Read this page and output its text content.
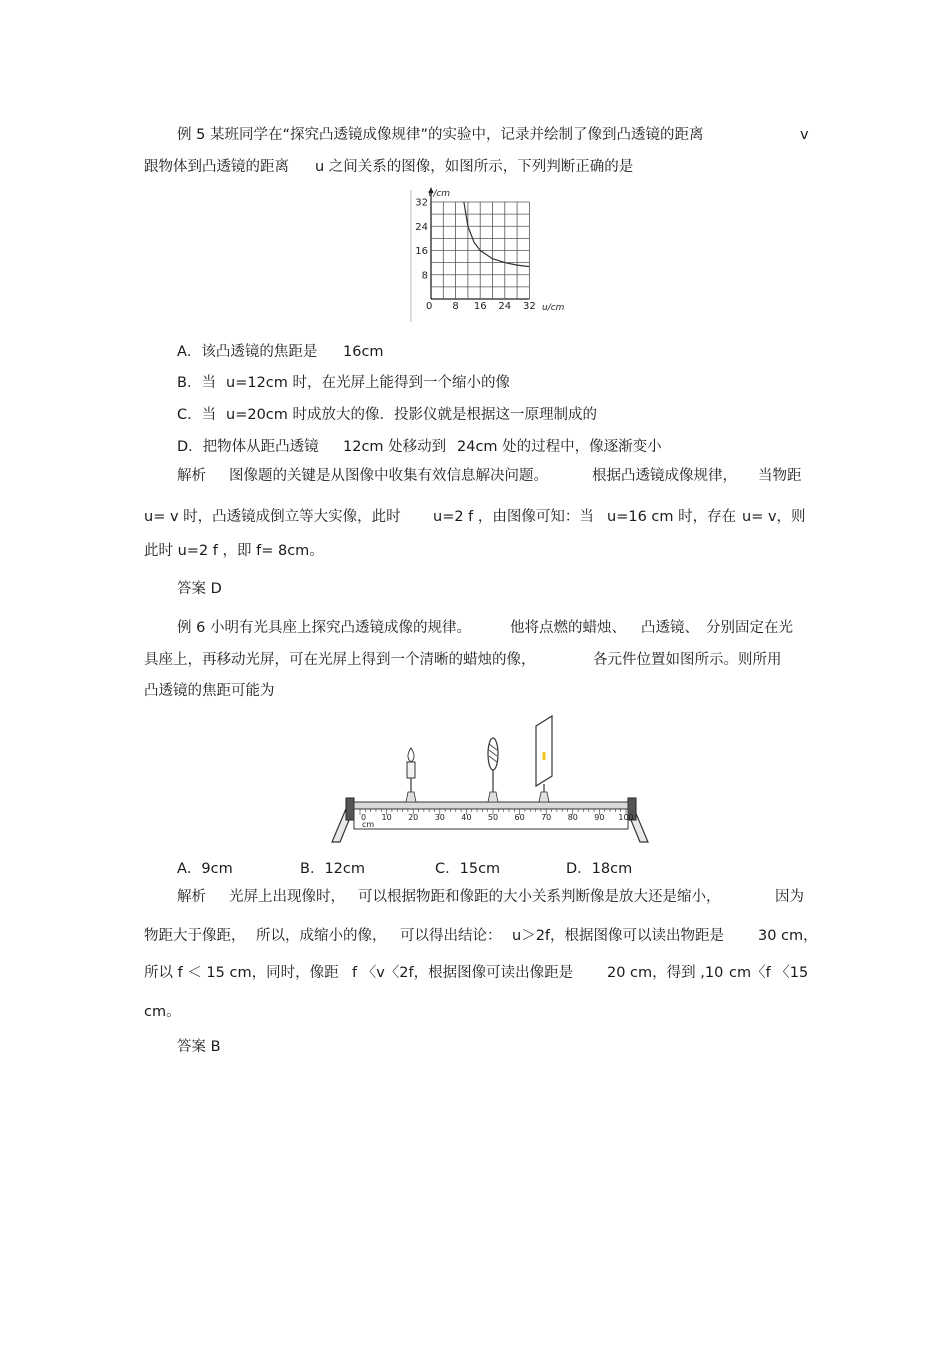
例 5 某班同学在“探究凸透镜成像规律”的实验中，记录并绘制了像到凸透镜的距离	v
跟物体到凸透镜的距离 u 之间关系的图像，如图所示，下列判断正确的是
v/cm
u/cm
0
8
16
24
32
8 16 24 32
A．该凸透镜的焦距是 16cm
B．当 u=12cm 时，在光屏上能得到一个缩小的像
C．当 u=20cm 时成放大的像．投影仪就是根据这一原理制成的
D．把物体从距凸透镜 12cm 处移动到 24cm 处的过程中，像逐渐变小
解析 图像题的关键是从图像中收集有效信息解决问题。	根据凸透镜成像规律， 当物距
u= v 时，凸透镜成倒立等大实像，此时 u=2 f ，由图像可知：当 u=16 cm 时，存在 u= v，则
此时 u=2 f ，即 f= 8cm。
答案 D
例 6 小明有光具座上探究凸透镜成像的规律。	他将点燃的蜡烛、 凸透镜、 分别固定在光
具座上，再移动光屏，可在光屏上得到一个清晰的蜡烛的像，	各元件位置如图所示。则所用
凸透镜的焦距可能为
0 10 20 30 40 50 60 70 80 90 100
cm
A．9cm	B．12cm	C．15cm	D．18cm
解析 光屏上出现像时， 可以根据物距和像距的大小关系判断像是放大还是缩小，	因为
物距大于像距， 所以，成缩小的像， 可以得出结论： u＞2f，根据图像可以读出物距是 30 cm，
所以 f ＜ 15 cm，同时，像距 f 〈v〈2f，根据图像可读出像距是 20 cm，得到 ,10 cm〈f 〈15
cm。
答案 B
